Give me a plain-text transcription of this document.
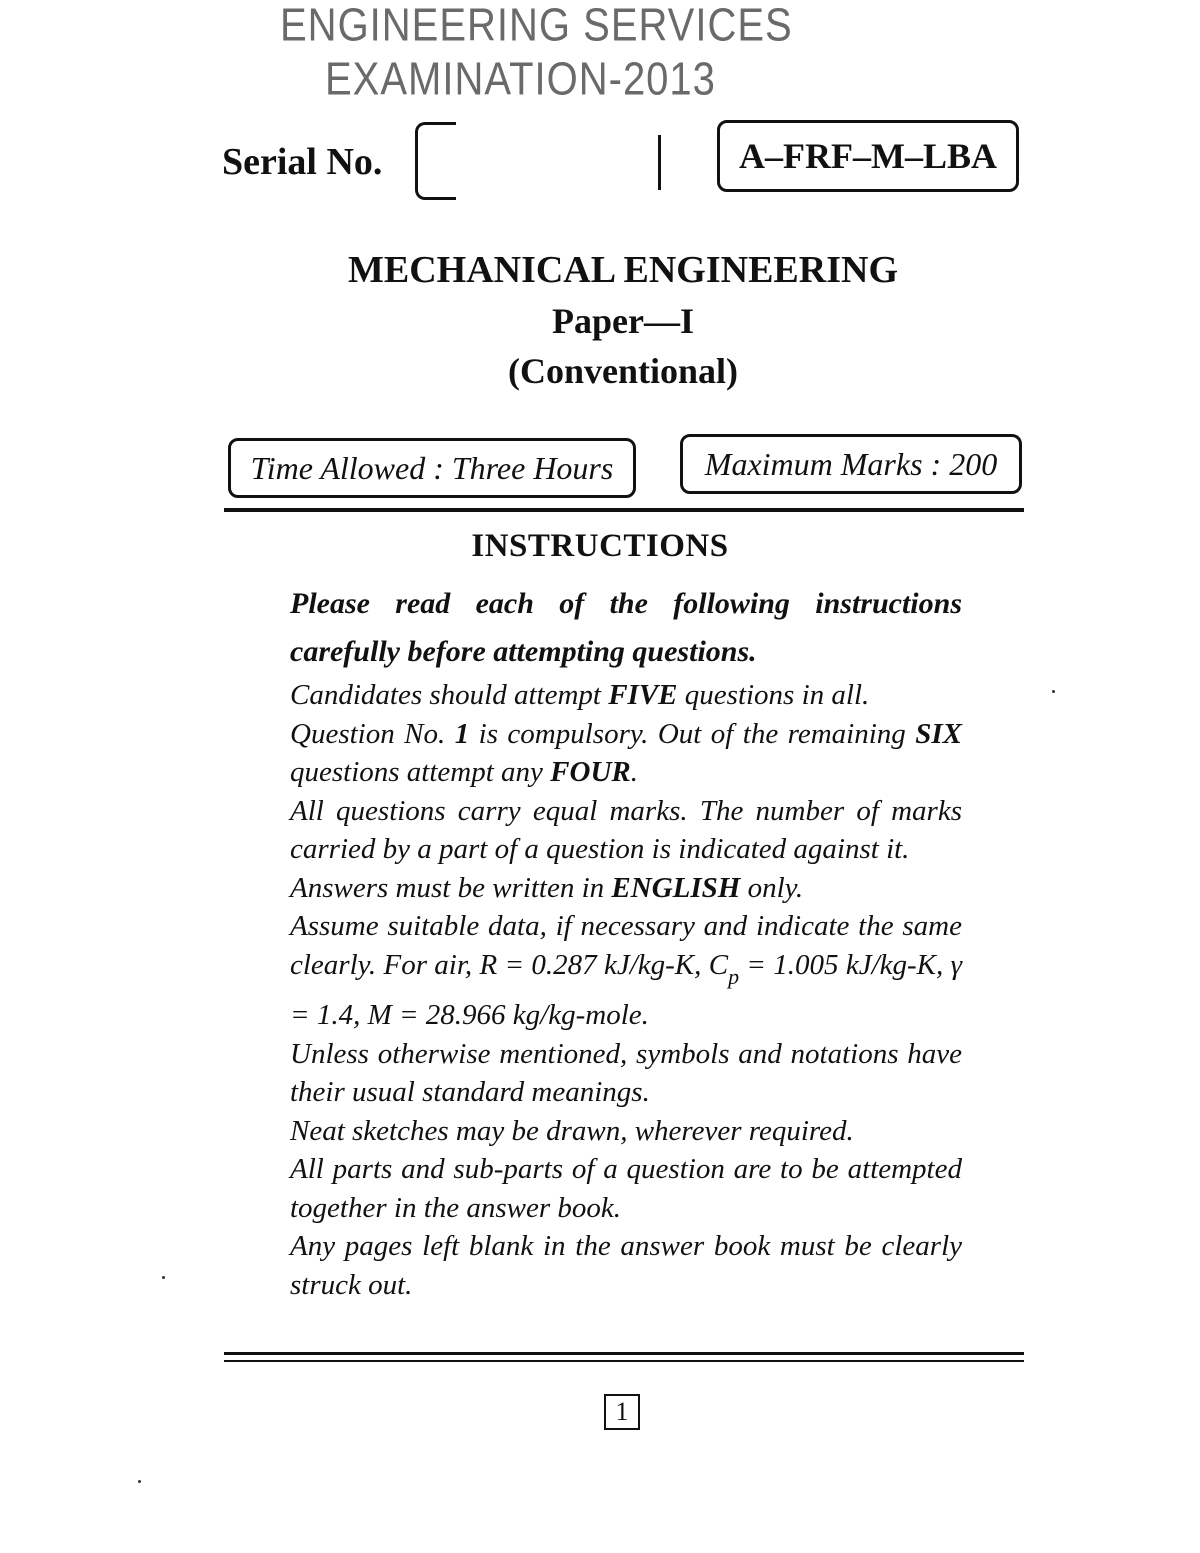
ENGINEERING SERVICES
EXAMINATION-2013
Serial No.	A–FRF–M–LBA
MECHANICAL ENGINEERING
Paper—I
(Conventional)
Time Allowed : Three Hours	Maximum Marks : 200
INSTRUCTIONS

Please read each of the following instructions carefully before attempting questions.

Candidates should attempt FIVE questions in all.

Question No. 1 is compulsory. Out of the remaining SIX questions attempt any FOUR.

All questions carry equal marks. The number of marks carried by a part of a question is indicated against it.

Answers must be written in ENGLISH only.

Assume suitable data, if necessary and indicate the same clearly. For air, R = 0.287 kJ/kg-K, $C_p = 1.005$ kJ/kg-K, γ = 1.4, M = 28.966 kg/kg-mole.

Unless otherwise mentioned, symbols and notations have their usual standard meanings.

Neat sketches may be drawn, wherever required.

All parts and sub-parts of a question are to be attempted together in the answer book.

Any pages left blank in the answer book must be clearly struck out.

1
